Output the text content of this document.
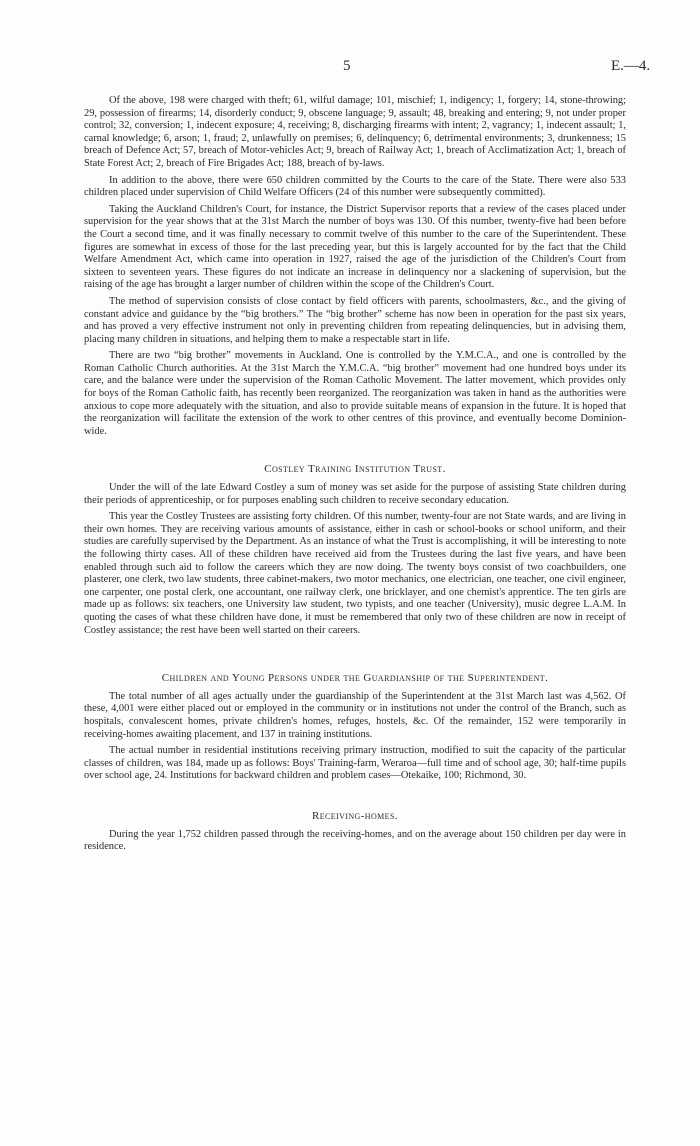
5	E.—4.

Of the above, 198 were charged with theft; 61, wilful damage; 101, mischief; 1, indigency; 1, forgery; 14, stone-throwing; 29, possession of firearms; 14, disorderly conduct; 9, obscene language; 9, assault; 48, breaking and entering; 9, not under proper control; 32, conversion; 1, indecent exposure; 4, receiving; 8, discharging firearms with intent; 2, vagrancy; 1, indecent assault; 1, carnal knowledge; 6, arson; 1, fraud; 2, unlawfully on premises; 6, delinquency; 6, detrimental environments; 3, drunkenness; 15 breach of Defence Act; 57, breach of Motor-vehicles Act; 9, breach of Railway Act; 1, breach of Acclimatization Act; 1, breach of State Forest Act; 2, breach of Fire Brigades Act; 188, breach of by-laws.

In addition to the above, there were 650 children committed by the Courts to the care of the State. There were also 533 children placed under supervision of Child Welfare Officers (24 of this number were subsequently committed).

Taking the Auckland Children's Court, for instance, the District Supervisor reports that a review of the cases placed under supervision for the year shows that at the 31st March the number of boys was 130. Of this number, twenty-five had been before the Court a second time, and it was finally necessary to commit twelve of this number to the care of the Superintendent. These figures are somewhat in excess of those for the last preceding year, but this is largely accounted for by the fact that the Child Welfare Amendment Act, which came into operation in 1927, raised the age of the jurisdiction of the Children's Court from sixteen to seventeen years. These figures do not indicate an increase in delinquency nor a slackening of supervision, but the raising of the age has brought a larger number of children within the scope of the Children's Court.

The method of supervision consists of close contact by field officers with parents, schoolmasters, &c., and the giving of constant advice and guidance by the “big brothers.” The “big brother” scheme has now been in operation for the past six years, and has proved a very effective instrument not only in preventing children from repeating delinquencies, but in advising them, placing many children in situations, and helping them to make a respectable start in life.

There are two “big brother” movements in Auckland. One is controlled by the Y.M.C.A., and one is controlled by the Roman Catholic Church authorities. At the 31st March the Y.M.C.A. “big brother” movement had one hundred boys under its care, and the balance were under the supervision of the Roman Catholic Movement. The latter movement, which provides only for boys of the Roman Catholic faith, has recently been reorganized. The reorganization was taken in hand as the authorities were anxious to cope more adequately with the situation, and also to provide suitable means of expansion in the future. It is hoped that the reorganization will facilitate the extension of the work to other centres of this province, and eventually become Dominion-wide.

Costley Training Institution Trust.

Under the will of the late Edward Costley a sum of money was set aside for the purpose of assisting State children during their periods of apprenticeship, or for purposes enabling such children to receive secondary education.

This year the Costley Trustees are assisting forty children. Of this number, twenty-four are not State wards, and are living in their own homes. They are receiving various amounts of assistance, either in cash or school-books or school uniform, and their studies are carefully supervised by the Department. As an instance of what the Trust is accomplishing, it will be interesting to note the following thirty cases. All of these children have received aid from the Trustees during the last five years, and have been enabled through such aid to follow the careers which they are now doing. The twenty boys consist of two coachbuilders, one plasterer, one clerk, two law students, three cabinet-makers, two motor mechanics, one electrician, one teacher, one civil engineer, one carpenter, one postal clerk, one accountant, one railway clerk, one bricklayer, and one chemist's apprentice. The ten girls are made up as follows: six teachers, one University law student, two typists, and one teacher (University), music degree L.A.M. In quoting the cases of what these children have done, it must be remembered that only two of these children are now in receipt of Costley assistance; the rest have been well started on their careers.

Children and Young Persons under the Guardianship of the Superintendent.

The total number of all ages actually under the guardianship of the Superintendent at the 31st March last was 4,562. Of these, 4,001 were either placed out or employed in the community or in institutions not under the control of the Branch, such as hospitals, convalescent homes, private children's homes, refuges, hostels, &c. Of the remainder, 152 were temporarily in receiving-homes awaiting placement, and 137 in training institutions.

The actual number in residential institutions receiving primary instruction, modified to suit the capacity of the particular classes of children, was 184, made up as follows: Boys' Training-farm, Weraroa—full time and of school age, 30; half-time pupils over school age, 24. Institutions for backward children and problem cases—Otekaike, 100; Richmond, 30.

Receiving-homes.

During the year 1,752 children passed through the receiving-homes, and on the average about 150 children per day were in residence.
